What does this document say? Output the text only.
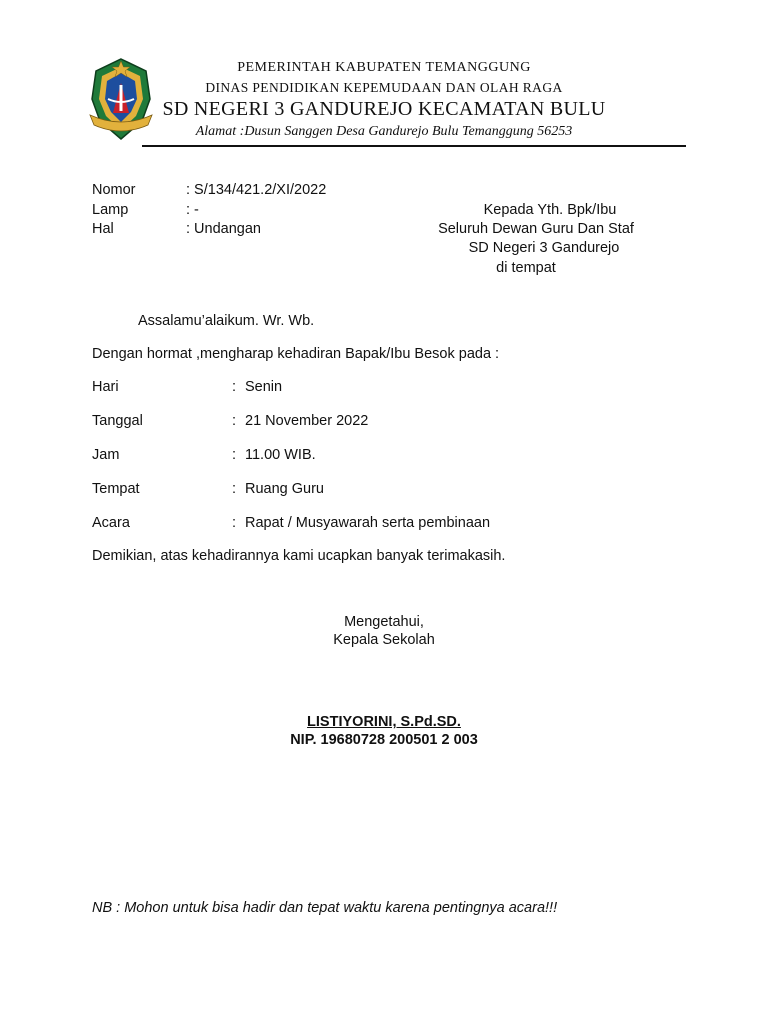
PEMERINTAH KABUPATEN TEMANGGUNG
DINAS PENDIDIKAN KEPEMUDAAN DAN OLAH RAGA
SD NEGERI 3 GANDUREJO KECAMATAN BULU
Alamat :Dusun Sanggen Desa Gandurejo Bulu Temanggung 56253
Nomor	: S/134/421.2/XI/2022
Lamp	: -
Hal	: Undangan
Kepada Yth. Bpk/Ibu
Seluruh Dewan Guru Dan Staf
SD Negeri 3 Gandurejo
di tempat
Assalamu’alaikum. Wr. Wb.
Dengan hormat ,mengharap kehadiran Bapak/Ibu Besok pada :
Hari	: Senin
Tanggal	: 21 November 2022
Jam	: 11.00 WIB.
Tempat	: Ruang Guru
Acara	: Rapat / Musyawarah serta pembinaan
Demikian, atas kehadirannya kami ucapkan banyak terimakasih.
Mengetahui,
Kepala Sekolah
LISTIYORINI, S.Pd.SD.
NIP. 19680728 200501 2 003
NB : Mohon untuk bisa hadir dan tepat waktu karena pentingnya acara!!!
